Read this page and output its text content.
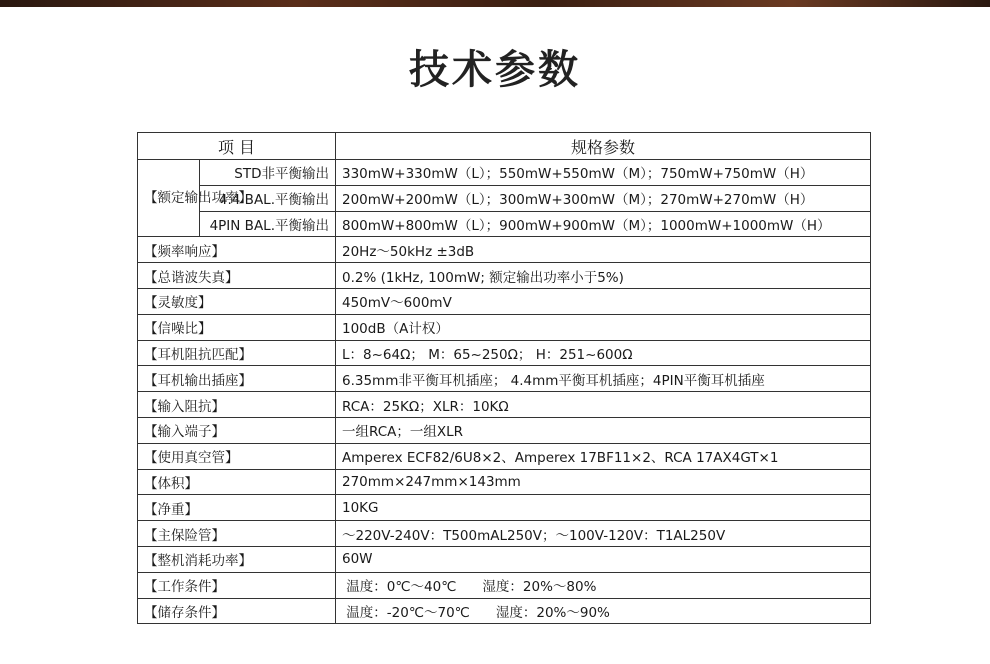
技术参数
项 目		规格参数
【额定输出功率】	STD非平衡输出	330mW+330mW（L）；550mW+550mW（M）；750mW+750mW（H）
	4.4 BAL.平衡输出	200mW+200mW（L）；300mW+300mW（M）；270mW+270mW（H）
	4PIN BAL.平衡输出	800mW+800mW（L）；900mW+900mW（M）；1000mW+1000mW（H）
【频率响应】		20Hz～50kHz ±3dB
【总谐波失真】		0.2% (1kHz, 100mW; 额定输出功率小于5%)
【灵敏度】		450mV～600mV
【信噪比】		100dB（A计权）
【耳机阻抗匹配】		L：8~64Ω； M：65~250Ω； H：251~600Ω
【耳机输出插座】		6.35mm非平衡耳机插座； 4.4mm平衡耳机插座；4PIN平衡耳机插座
【输入阻抗】		RCA：25KΩ；XLR：10KΩ
【输入端子】		一组RCA；一组XLR
【使用真空管】		Amperex ECF82/6U8×2、Amperex 17BF11×2、RCA 17AX4GT×1
【体积】		270mm×247mm×143mm
【净重】		10KG
【主保险管】		～220V-240V：T500mAL250V；～100V-120V：T1AL250V
【整机消耗功率】		60W
【工作条件】		温度：0℃～40℃ 湿度：20%～80%
【储存条件】		温度：-20℃～70℃ 湿度：20%～90%
